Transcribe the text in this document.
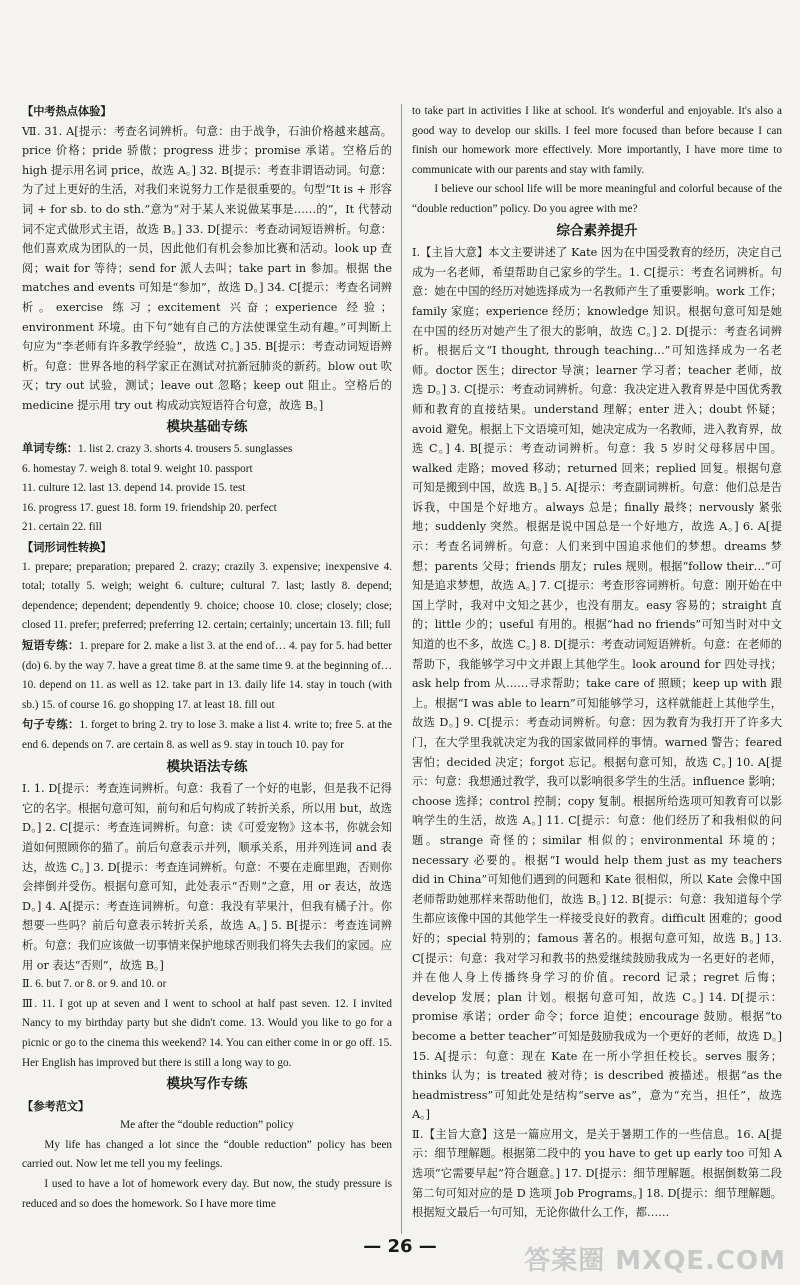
【中考热点体验】

Ⅶ. 31. A[提示：考查名词辨析。句意：由于战争，石油价格越来越高。price 价格；pride 骄傲；progress 进步；promise 承诺。空格后的 high 提示用名词 price，故选 A。] 32. B[提示：考查非谓语动词。句意：为了过上更好的生活，对我们来说努力工作是很重要的。句型“It is + 形容词 + for sb. to do sth.”意为“对于某人来说做某事是……的”，It 代替动词不定式做形式主语，故选 B。] 33. D[提示：考查动词短语辨析。句意：他们喜欢成为团队的一员，因此他们有机会参加比赛和活动。look up 查阅；wait for 等待；send for 派人去叫；take part in 参加。根据 the matches and events 可知是“参加”，故选 D。] 34. C[提示：考查名词辨析。exercise 练习；excitement 兴奋；experience 经验；environment 环境。由下句“她有自己的方法使课堂生动有趣。”可判断上句应为“李老师有许多教学经验”，故选 C。] 35. B[提示：考查动词短语辨析。句意：世界各地的科学家正在测试对抗新冠肺炎的新药。blow out 吹灭；try out 试验，测试；leave out 忽略；keep out 阻止。空格后的 medicine 提示用 try out 构成动宾短语符合句意，故选 B。]

模块基础专练
单词专练：1. list 2. crazy 3. shorts 4. trousers 5. sunglasses
6. homestay 7. weigh 8. total 9. weight 10. passport
11. culture 12. last 13. depend 14. provide 15. test
16. progress 17. guest 18. form 19. friendship 20. perfect
21. certain 22. fill
【词形词性转换】

1. prepare; preparation; prepared 2. crazy; crazily 3. expensive; inexpensive 4. total; totally 5. weigh; weight 6. culture; cultural 7. last; lastly 8. depend; dependence; dependent; dependently 9. choice; choose 10. close; closely; close; closed 11. prefer; preferred; preferring 12. certain; certainly; uncertain 13. fill; full

短语专练：1. prepare for 2. make a list 3. at the end of… 4. pay for 5. had better (do) 6. by the way 7. have a great time 8. at the same time 9. at the beginning of… 10. depend on 11. as well as 12. take part in 13. daily life 14. stay in touch (with sb.) 15. of course 16. go shopping 17. at least 18. fill out

句子专练：1. forget to bring 2. try to lose 3. make a list 4. write to; free 5. at the end 6. depends on 7. are certain 8. as well as 9. stay in touch 10. pay for

模块语法专练

Ⅰ. 1. D[提示：考查连词辨析。句意：我看了一个好的电影，但是我不记得它的名字。根据句意可知，前句和后句构成了转折关系，所以用 but，故选 D。] 2. C[提示：考查连词辨析。句意：读《可爱宠物》这本书，你就会知道如何照顾你的猫了。前后句意表示并列，顺承关系，用并列连词 and 表达，故选 C。] 3. D[提示：考查连词辨析。句意：不要在走廊里跑，否则你会摔倒并受伤。根据句意可知，此处表示“否则”之意，用 or 表达，故选 D。] 4. A[提示：考查连词辨析。句意：我没有苹果汁，但我有橘子汁。你想要一些吗？前后句意表示转折关系，故选 A。] 5. B[提示：考查连词辨析。句意：我们应该做一切事情来保护地球否则我们将失去我们的家园。应用 or 表达“否则”，故选 B。]

Ⅱ. 6. but 7. or 8. or 9. and 10. or

Ⅲ. 11. I got up at seven and I went to school at half past seven. 12. I invited Nancy to my birthday party but she didn't come. 13. Would you like to go for a picnic or go to the cinema this weekend? 14. You can either come in or go off. 15. Her English has improved but there is still a long way to go.

模块写作专练
【参考范文】
Me after the “double reduction” policy

My life has changed a lot since the “double reduction” policy has been carried out. Now let me tell you my feelings.

I used to have a lot of homework every day. But now, the study pressure is reduced and so does the homework. So I have more time

to take part in activities I like at school. It's wonderful and enjoyable. It's also a good way to develop our skills. I feel more focused than before because I can finish our homework more effectively. More importantly, I have more time to communicate with our parents and stay with family.

I believe our school life will be more meaningful and colorful because of the “double reduction” policy. Do you agree with me?

综合素养提升

Ⅰ.【主旨大意】本文主要讲述了 Kate 因为在中国受教育的经历，决定自己成为一名老师，希望帮助自己家乡的学生。1. C[提示：考查名词辨析。句意：她在中国的经历对她选择成为一名教师产生了重要影响。work 工作；family 家庭；experience 经历；knowledge 知识。根据句意可知是她在中国的经历对她产生了很大的影响，故选 C。] 2. D[提示：考查名词辨析。根据后文“I thought, through teaching…”可知选择成为一名老师。doctor 医生；director 导演；learner 学习者；teacher 老师，故选 D。] 3. C[提示：考查动词辨析。句意：我决定进入教育界是中国优秀教师和教育的直接结果。understand 理解；enter 进入；doubt 怀疑；avoid 避免。根据上下文语境可知，她决定成为一名教师，进入教育界，故选 C。] 4. B[提示：考查动词辨析。句意：我 5 岁时父母移居中国。walked 走路；moved 移动；returned 回来；replied 回复。根据句意可知是搬到中国，故选 B。] 5. A[提示：考查副词辨析。句意：他们总是告诉我，中国是个好地方。always 总是；finally 最终；nervously 紧张地；suddenly 突然。根据是说中国总是一个好地方，故选 A。] 6. A[提示：考查名词辨析。句意：人们来到中国追求他们的梦想。dreams 梦想；parents 父母；friends 朋友；rules 规则。根据“follow their…”可知是追求梦想，故选 A。] 7. C[提示：考查形容词辨析。句意：刚开始在中国上学时，我对中文知之甚少，也没有朋友。easy 容易的；straight 直的；little 少的；useful 有用的。根据“had no friends”可知当时对中文知道的也不多，故选 C。] 8. D[提示：考查动词短语辨析。句意：在老师的帮助下，我能够学习中文并跟上其他学生。look around for 四处寻找；ask help from 从……寻求帮助；take care of 照顾；keep up with 跟上。根据“I was able to learn”可知能够学习，这样就能赶上其他学生，故选 D。] 9. C[提示：考查动词辨析。句意：因为教育为我打开了许多大门，在大学里我就决定为我的国家做同样的事情。warned 警告；feared 害怕；decided 决定；forgot 忘记。根据句意可知，故选 C。] 10. A[提示：句意：我想通过教学，我可以影响很多学生的生活。influence 影响；choose 选择；control 控制；copy 复制。根据所给选项可知教育可以影响学生的生活，故选 A。] 11. C[提示：句意：他们经历了和我相似的问题。strange 奇怪的；similar 相似的；environmental 环境的；necessary 必要的。根据“I would help them just as my teachers did in China”可知他们遇到的问题和 Kate 很相似，所以 Kate 会像中国老师帮助她那样来帮助他们，故选 B。] 12. B[提示：句意：我知道每个学生都应该像中国的其他学生一样接受良好的教育。difficult 困难的；good 好的；special 特别的；famous 著名的。根据句意可知，故选 B。] 13. C[提示：句意：我对学习和教书的热爱继续鼓励我成为一名更好的老师，并在他人身上传播终身学习的价值。record 记录；regret 后悔；develop 发展；plan 计划。根据句意可知，故选 C。] 14. D[提示：promise 承诺；order 命令；force 迫使；encourage 鼓励。根据“to become a better teacher”可知是鼓励我成为一个更好的老师，故选 D。] 15. A[提示：句意：现在 Kate 在一所小学担任校长。serves 服务；thinks 认为；is treated 被对待；is described 被描述。根据“as the headmistress”可知此处是结构“serve as”，意为“充当，担任”，故选 A。]

Ⅱ.【主旨大意】这是一篇应用文，是关于暑期工作的一些信息。16. A[提示：细节理解题。根据第二段中的 you have to get up early too 可知 A 选项“它需要早起”符合题意。] 17. D[提示：细节理解题。根据倒数第二段第二句可知对应的是 D 选项 Job Programs。] 18. D[提示：细节理解题。根据短文最后一句可知，无论你做什么工作，都……

— 26 —	答案圈 MXQE.COM
